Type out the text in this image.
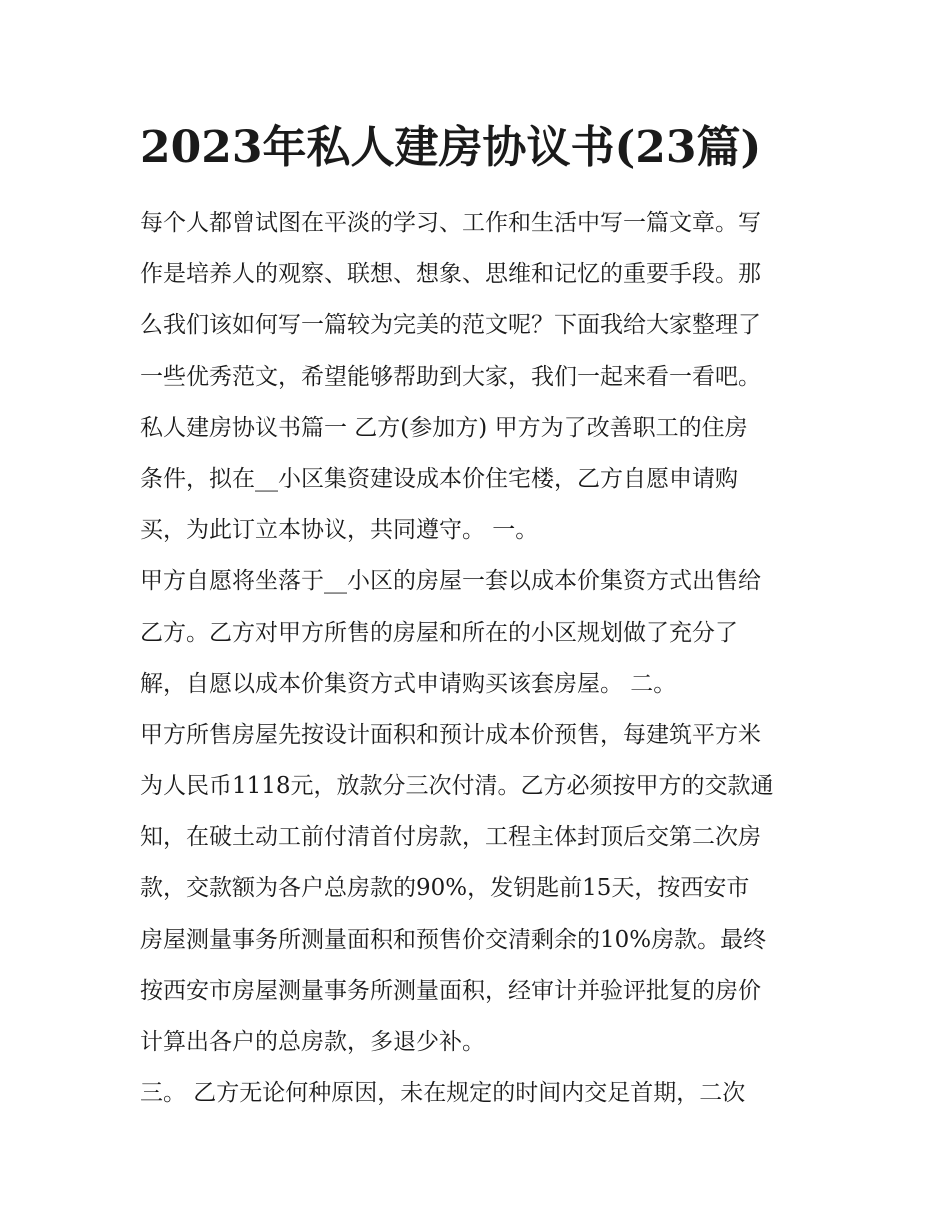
2023年私人建房协议书(23篇)
每个人都曾试图在平淡的学习、工作和生活中写一篇文章。写
作是培养人的观察、联想、想象、思维和记忆的重要手段。那
么我们该如何写一篇较为完美的范文呢？下面我给大家整理了
一些优秀范文，希望能够帮助到大家，我们一起来看一看吧。
私人建房协议书篇一 乙方(参加方) 甲方为了改善职工的住房
条件，拟在__小区集资建设成本价住宅楼，乙方自愿申请购
买，为此订立本协议，共同遵守。 一。
甲方自愿将坐落于__小区的房屋一套以成本价集资方式出售给
乙方。乙方对甲方所售的房屋和所在的小区规划做了充分了
解，自愿以成本价集资方式申请购买该套房屋。 二。
甲方所售房屋先按设计面积和预计成本价预售，每建筑平方米
为人民币1118元，放款分三次付清。乙方必须按甲方的交款通
知，在破土动工前付清首付房款，工程主体封顶后交第二次房
款，交款额为各户总房款的90%，发钥匙前15天，按西安市
房屋测量事务所测量面积和预售价交清剩余的10%房款。最终
按西安市房屋测量事务所测量面积，经审计并验评批复的房价
计算出各户的总房款，多退少补。
三。 乙方无论何种原因，未在规定的时间内交足首期，二次
